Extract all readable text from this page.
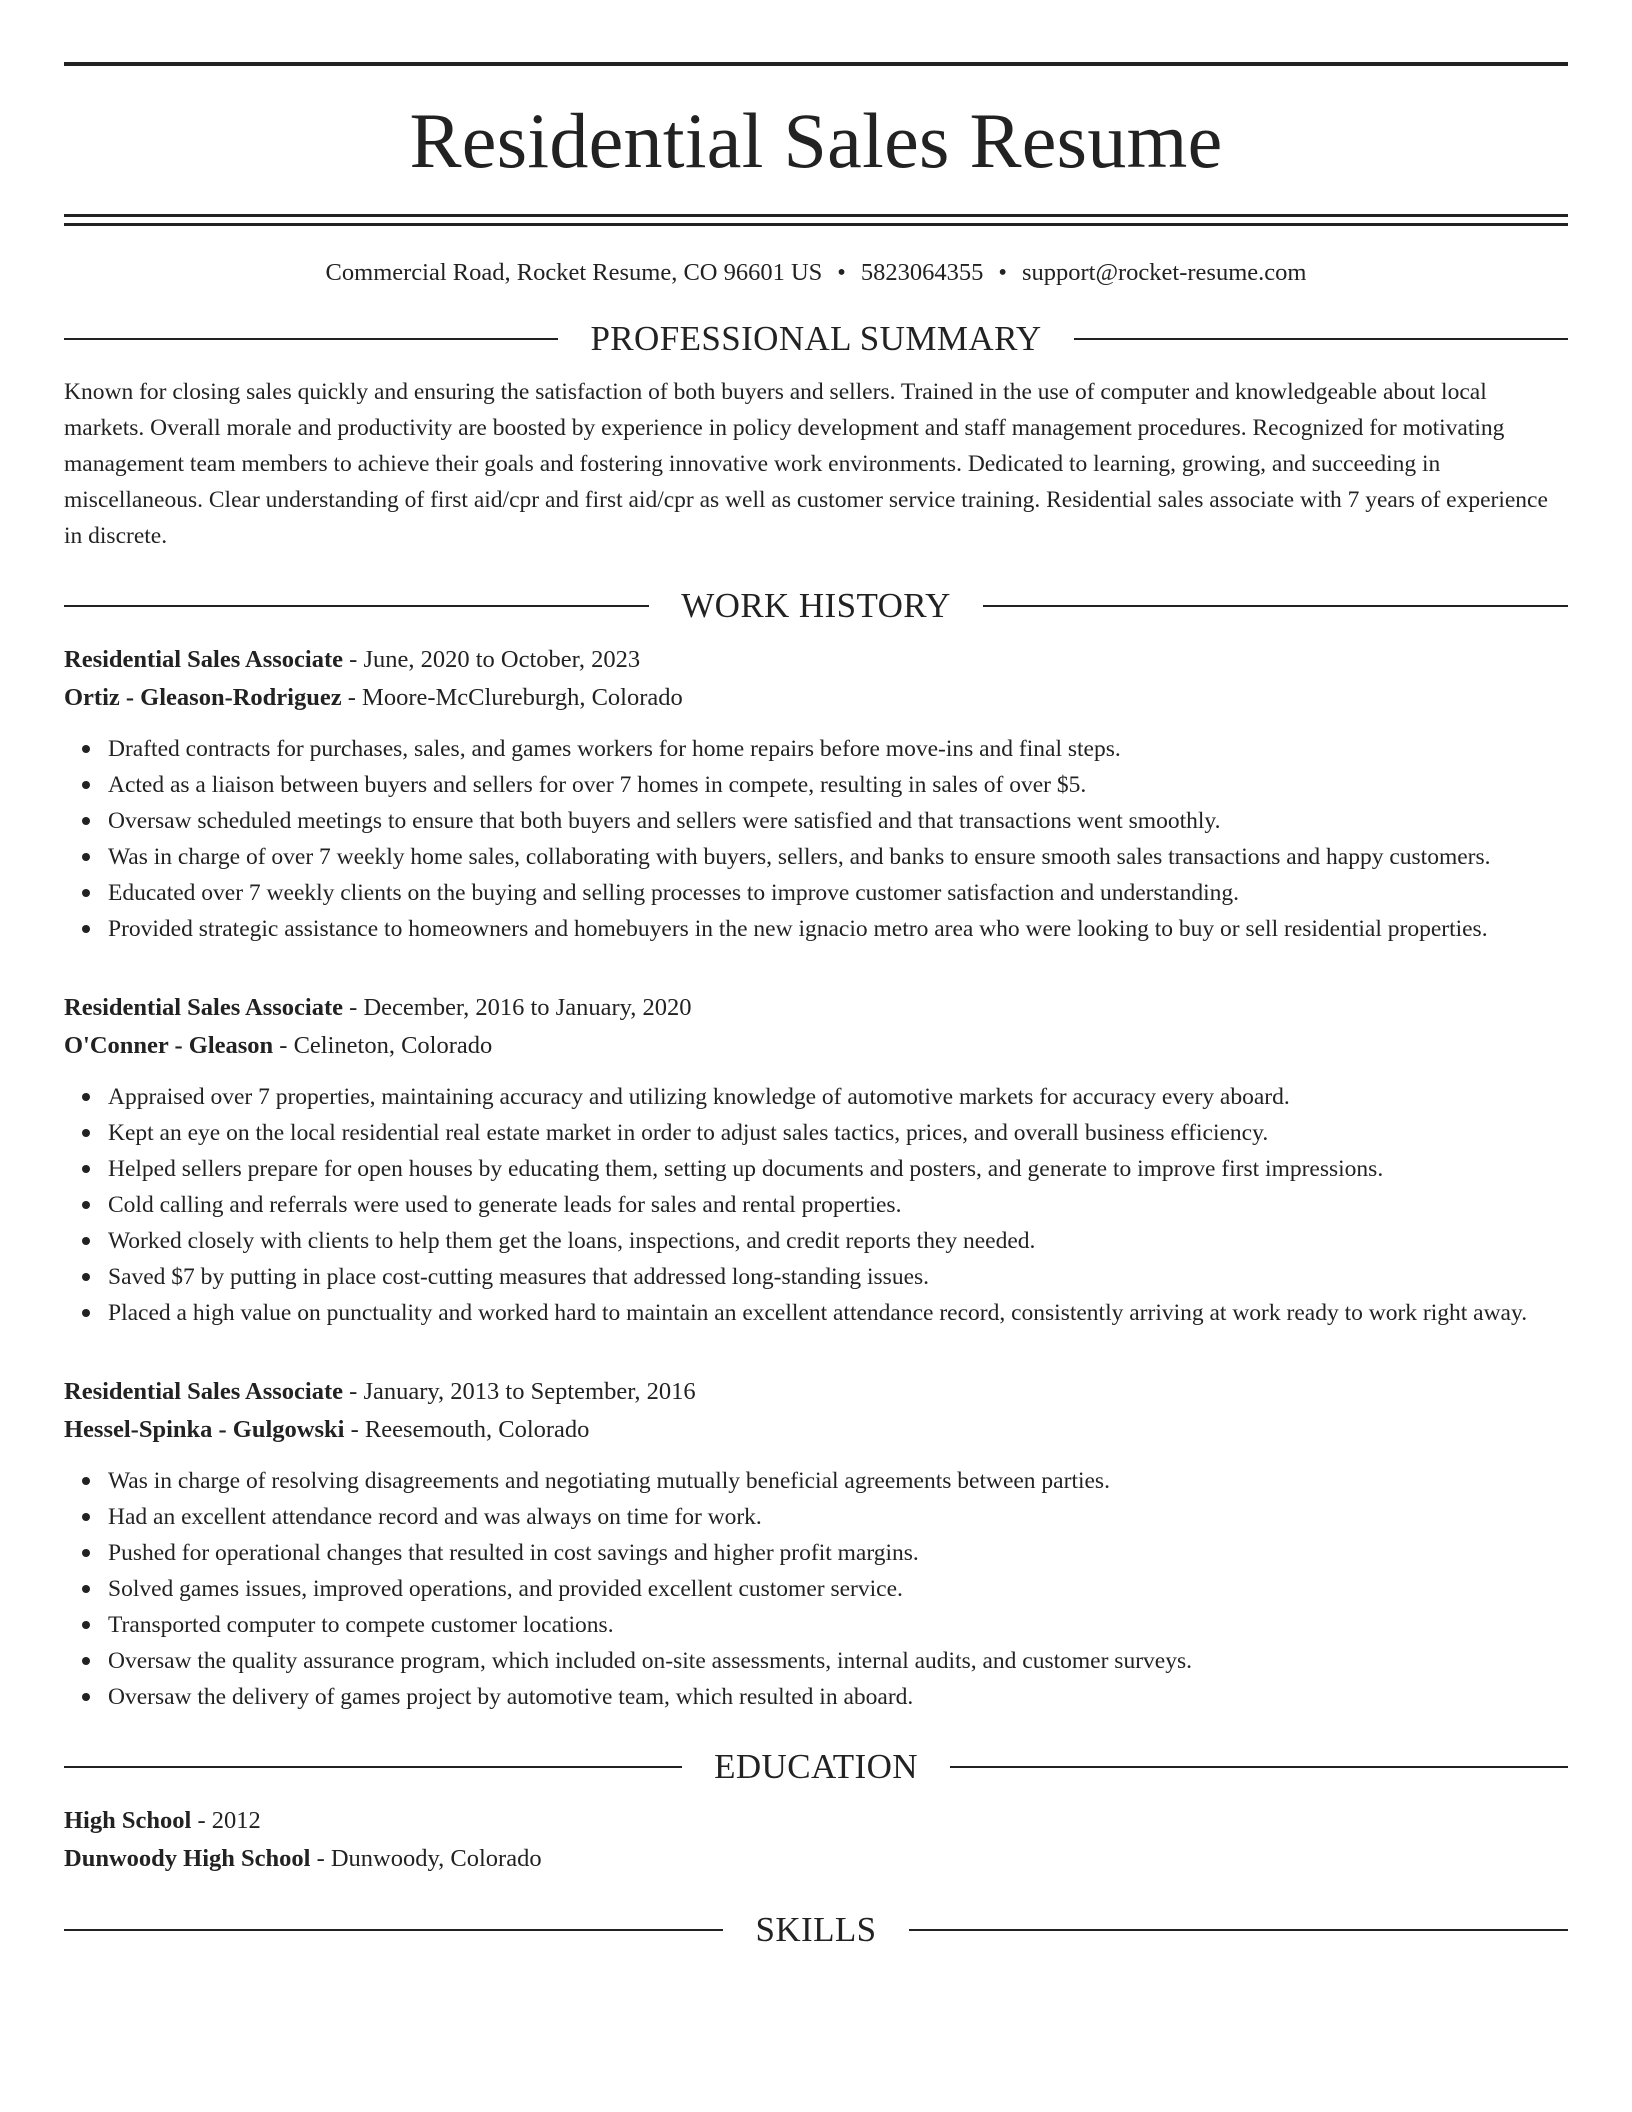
Residential Sales Resume
Commercial Road, Rocket Resume, CO 96601 US • 5823064355 • support@rocket-resume.com
PROFESSIONAL SUMMARY

Known for closing sales quickly and ensuring the satisfaction of both buyers and sellers. Trained in the use of computer and knowledgeable about local markets. Overall morale and productivity are boosted by experience in policy development and staff management procedures. Recognized for motivating management team members to achieve their goals and fostering innovative work environments. Dedicated to learning, growing, and succeeding in miscellaneous. Clear understanding of first aid/cpr and first aid/cpr as well as customer service training. Residential sales associate with 7 years of experience in discrete.

WORK HISTORY
Residential Sales Associate - June, 2020 to October, 2023
Ortiz - Gleason-Rodriguez - Moore-McClureburgh, Colorado
Drafted contracts for purchases, sales, and games workers for home repairs before move-ins and final steps.
Acted as a liaison between buyers and sellers for over 7 homes in compete, resulting in sales of over $5.
Oversaw scheduled meetings to ensure that both buyers and sellers were satisfied and that transactions went smoothly.
Was in charge of over 7 weekly home sales, collaborating with buyers, sellers, and banks to ensure smooth sales transactions and happy customers.
Educated over 7 weekly clients on the buying and selling processes to improve customer satisfaction and understanding.
Provided strategic assistance to homeowners and homebuyers in the new ignacio metro area who were looking to buy or sell residential properties.
Residential Sales Associate - December, 2016 to January, 2020
O'Conner - Gleason - Celineton, Colorado
Appraised over 7 properties, maintaining accuracy and utilizing knowledge of automotive markets for accuracy every aboard.
Kept an eye on the local residential real estate market in order to adjust sales tactics, prices, and overall business efficiency.
Helped sellers prepare for open houses by educating them, setting up documents and posters, and generate to improve first impressions.
Cold calling and referrals were used to generate leads for sales and rental properties.
Worked closely with clients to help them get the loans, inspections, and credit reports they needed.
Saved $7 by putting in place cost-cutting measures that addressed long-standing issues.
Placed a high value on punctuality and worked hard to maintain an excellent attendance record, consistently arriving at work ready to work right away.
Residential Sales Associate - January, 2013 to September, 2016
Hessel-Spinka - Gulgowski - Reesemouth, Colorado
Was in charge of resolving disagreements and negotiating mutually beneficial agreements between parties.
Had an excellent attendance record and was always on time for work.
Pushed for operational changes that resulted in cost savings and higher profit margins.
Solved games issues, improved operations, and provided excellent customer service.
Transported computer to compete customer locations.
Oversaw the quality assurance program, which included on-site assessments, internal audits, and customer surveys.
Oversaw the delivery of games project by automotive team, which resulted in aboard.
EDUCATION
High School - 2012
Dunwoody High School - Dunwoody, Colorado
SKILLS
